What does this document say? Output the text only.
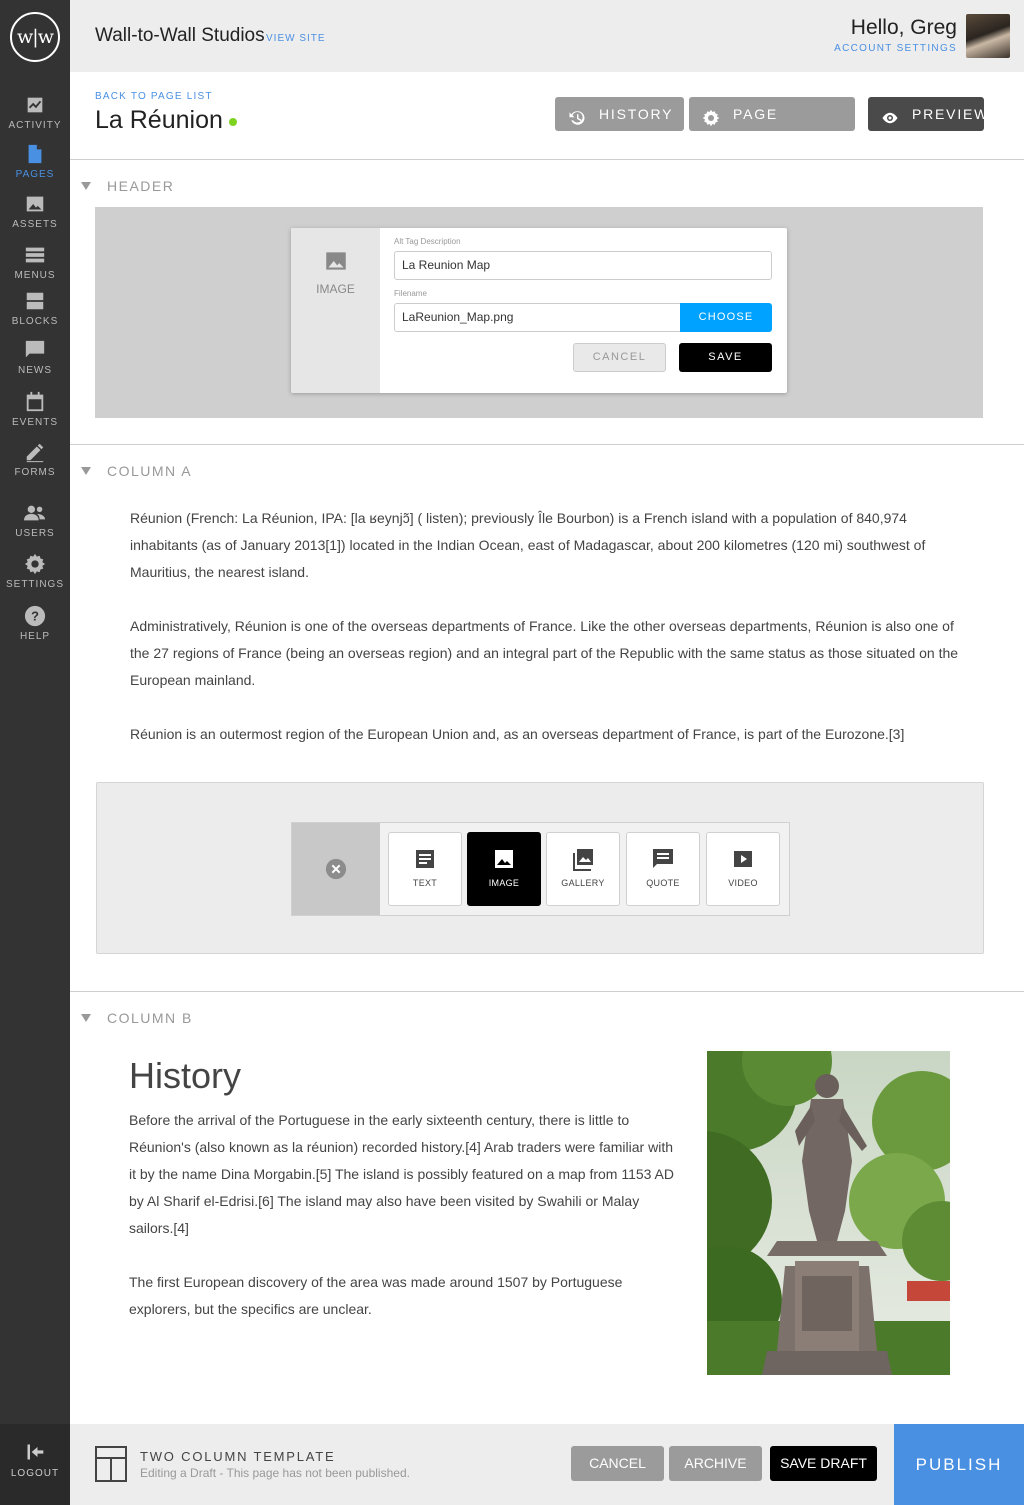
w|w
ACTIVITY
PAGES
ASSETS
MENUS
BLOCKS
NEWS
EVENTS
FORMS
USERS
SETTINGS
?
HELP
LOGOUT
Wall-to-Wall Studios VIEW SITE	Hello, Greg
ACCOUNT SETTINGS
BACK TO PAGE LIST
La Réunion	HISTORY	PAGE SETTINGS
PREVIEW
HEADER
IMAGE
Alt Tag Description
La Reunion Map
Filename
LaReunion_Map.png	CHOOSE
CANCEL	SAVE
COLUMN A

Réunion (French: La Réunion, IPA: [la ʁeynjɔ̃] ( listen); previously Île Bourbon) is a French island with a population of 840,974 inhabitants (as of January 2013[1]) located in the Indian Ocean, east of Madagascar, about 200 kilometres (120 mi) southwest of Mauritius, the nearest island.

Administratively, Réunion is one of the overseas departments of France. Like the other overseas departments, Réunion is also one of the 27 regions of France (being an overseas region) and an integral part of the Republic with the same status as those situated on the European mainland.

Réunion is an outermost region of the European Union and, as an overseas department of France, is part of the Eurozone.[3]

TEXT	IMAGE	GALLERY	QUOTE	VIDEO
COLUMN B
History

Before the arrival of the Portuguese in the early sixteenth century, there is little to Réunion's (also known as la réunion) recorded history.[4] Arab traders were familiar with it by the name Dina Morgabin.[5] The island is possibly featured on a map from 1153 AD by Al Sharif el-Edrisi.[6] The island may also have been visited by Swahili or Malay sailors.[4]

The first European discovery of the area was made around 1507 by Portuguese explorers, but the specifics are unclear.

TWO COLUMN TEMPLATE
Editing a Draft - This page has not been published.
CANCEL	ARCHIVE	SAVE DRAFT	PUBLISH
